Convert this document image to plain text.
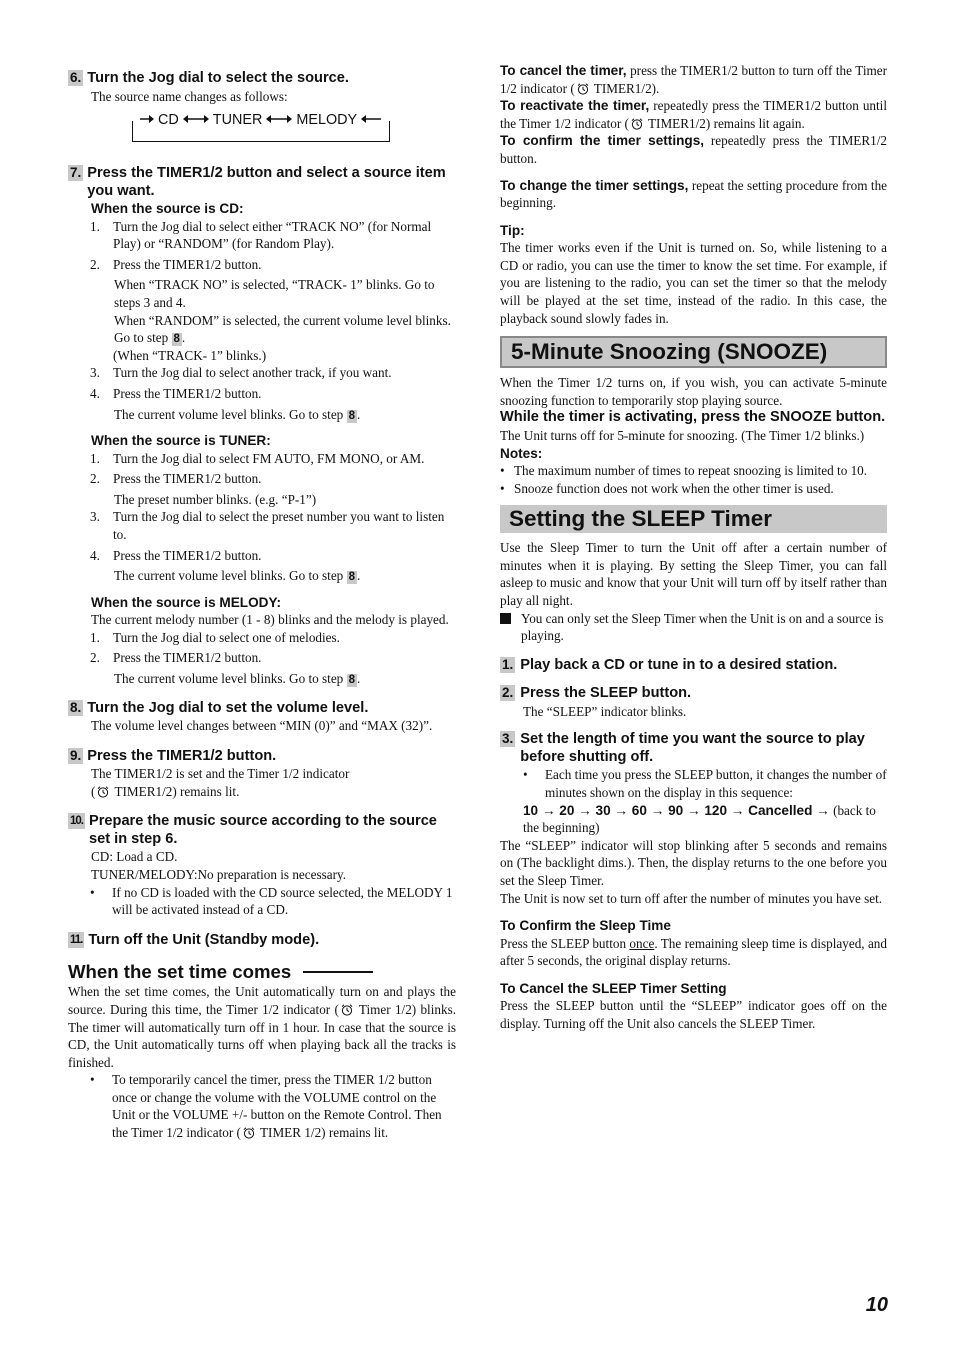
6. Turn the Jog dial to select the source.

The source name changes as follows:

CD TUNER MELODY
7. Press the TIMER1/2 button and select a source item you want.
When the source is CD:
1. Turn the Jog dial to select either “TRACK NO” (for Normal Play) or “RANDOM” (for Random Play).
2. Press the TIMER1/2 button.

When “TRACK NO” is selected, “TRACK- 1” blinks. Go to steps 3 and 4.

When “RANDOM” is selected, the current volume level blinks. Go to step 8 .

(When “TRACK- 1” blinks.)

3. Turn the Jog dial to select another track, if you want.
4. Press the TIMER1/2 button.

The current volume level blinks. Go to step 8 .

When the source is TUNER:
1. Turn the Jog dial to select FM AUTO, FM MONO, or AM.
2. Press the TIMER1/2 button.

The preset number blinks. (e.g. “P-1”)

3. Turn the Jog dial to select the preset number you want to listen to.
4. Press the TIMER1/2 button.

The current volume level blinks. Go to step 8 .

When the source is MELODY:

The current melody number (1 - 8) blinks and the melody is played.

1. Turn the Jog dial to select one of melodies.
2. Press the TIMER1/2 button.

The current volume level blinks. Go to step 8 .

8. Turn the Jog dial to set the volume level.

The volume level changes between “MIN (0)” and “MAX (32)”.

9. Press the TIMER1/2 button.

The TIMER1/2 is set and the Timer 1/2 indicator
( TIMER1/2) remains lit.

10. Prepare the music source according to the source set in step 6.

CD: Load a CD.

TUNER/MELODY:No preparation is necessary.

•	If no CD is loaded with the CD source selected, the MELODY 1 will be activated instead of a CD.
11. Turn off the Unit (Standby mode).
When the set time comes

When the set time comes, the Unit automatically turn on and plays the source. During this time, the Timer 1/2 indicator ( Timer 1/2) blinks. The timer will automatically turn off in 1 hour. In case that the source is CD, the Unit automatically turns off when playing back all the tracks is finished.

•	To temporarily cancel the timer, press the TIMER 1/2 button once or change the volume with the VOLUME control on the Unit or the VOLUME +/- button on the Remote Control. Then the Timer 1/2 indicator ( TIMER 1/2) remains lit.

To cancel the timer, press the TIMER1/2 button to turn off the Timer 1/2 indicator ( TIMER1/2).

To reactivate the timer, repeatedly press the TIMER1/2 button until the Timer 1/2 indicator ( TIMER1/2) remains lit again.

To confirm the timer settings, repeatedly press the TIMER1/2 button.

To change the timer settings, repeat the setting procedure from the beginning.

Tip:

The timer works even if the Unit is turned on. So, while listening to a CD or radio, you can use the timer to know the set time. For example, if you are listening to the radio, you can set the timer so that the melody will be played at the set time, instead of the radio. In this case, the playback sound slowly fades in.

5-Minute Snoozing (SNOOZE)

When the Timer 1/2 turns on, if you wish, you can activate 5-minute snoozing function to temporarily stop playing source.

While the timer is activating, press the SNOOZE button.

The Unit turns off for 5-minute for snoozing. (The Timer 1/2 blinks.)

Notes:
• The maximum number of times to repeat snoozing is limited to 10.
• Snooze function does not work when the other timer is used.
Setting the SLEEP Timer

Use the Sleep Timer to turn the Unit off after a certain number of minutes when it is playing. By setting the Sleep Timer, you can fall asleep to music and know that your Unit will turn off by itself rather than play all night.

You can only set the Sleep Timer when the Unit is on and a source is playing.
1. Play back a CD or tune in to a desired station.
2. Press the SLEEP button.

The “SLEEP” indicator blinks.

3. Set the length of time you want the source to play before shutting off.
•	Each time you press the SLEEP button, it changes the number of minutes shown on the display in this sequence:

10 → 20 → 30 → 60 → 90 → 120 → Cancelled → (back to the beginning)

The “SLEEP” indicator will stop blinking after 5 seconds and remains on (The backlight dims.). Then, the display returns to the one before you set the Sleep Timer.

The Unit is now set to turn off after the number of minutes you have set.

To Confirm the Sleep Time

Press the SLEEP button once. The remaining sleep time is displayed, and after 5 seconds, the original display returns.

To Cancel the SLEEP Timer Setting

Press the SLEEP button until the “SLEEP” indicator goes off on the display. Turning off the Unit also cancels the SLEEP Timer.

10
